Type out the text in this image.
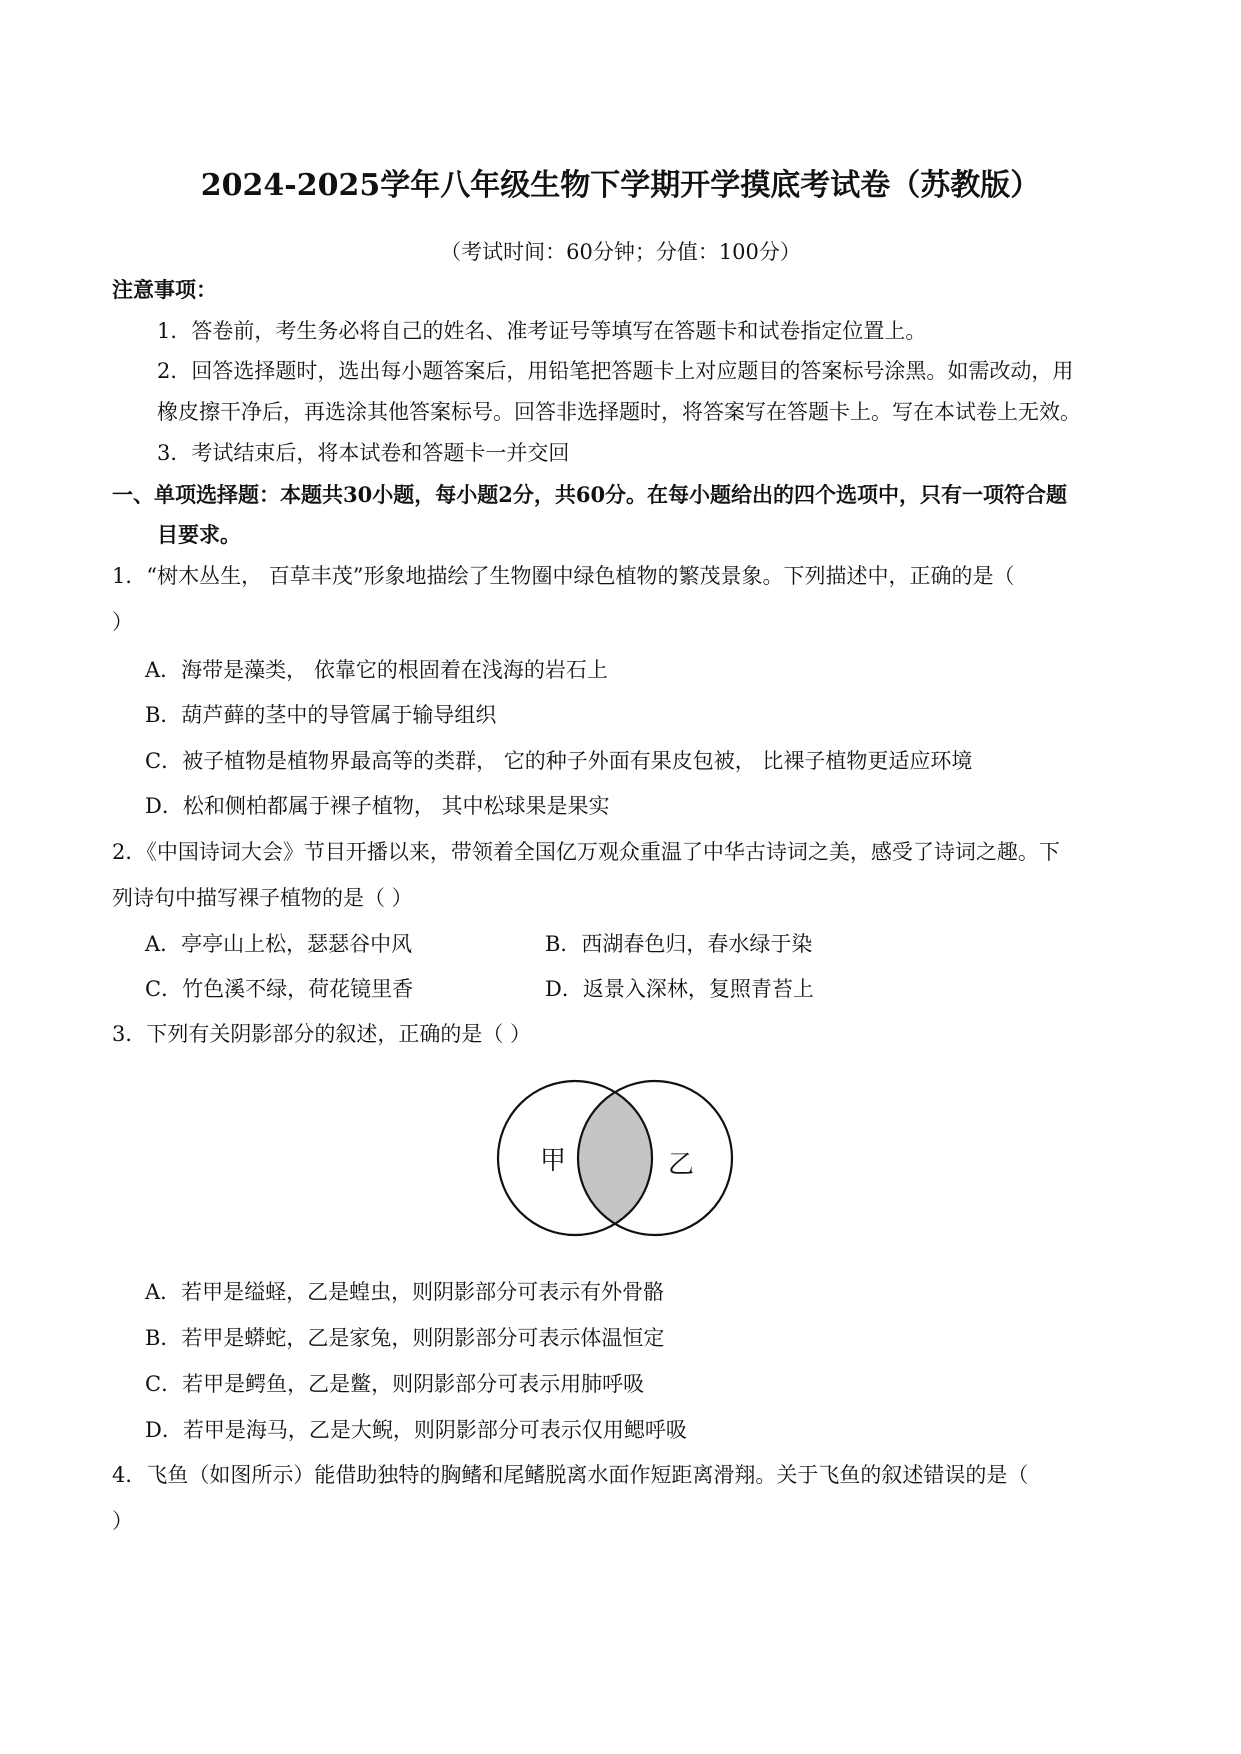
2024-2025学年八年级生物下学期开学摸底考试卷（苏教版）
（考试时间：60分钟；分值：100分）
注意事项：
1．答卷前，考生务必将自己的姓名、准考证号等填写在答题卡和试卷指定位置上。
2．回答选择题时，选出每小题答案后，用铅笔把答题卡上对应题目的答案标号涂黑。如需改动，用
橡皮擦干净后，再选涂其他答案标号。回答非选择题时，将答案写在答题卡上。写在本试卷上无效。
3．考试结束后，将本试卷和答题卡一并交回
一、单项选择题：本题共30小题，每小题2分，共60分。在每小题给出的四个选项中，只有一项符合题
目要求。
1．“树木丛生， 百草丰茂”形象地描绘了生物圈中绿色植物的繁茂景象。下列描述中，正确的是（
）
A．海带是藻类， 依靠它的根固着在浅海的岩石上
B．葫芦藓的茎中的导管属于输导组织
C．被子植物是植物界最高等的类群， 它的种子外面有果皮包被， 比裸子植物更适应环境
D．松和侧柏都属于裸子植物， 其中松球果是果实
2．《中国诗词大会》节目开播以来，带领着全国亿万观众重温了中华古诗词之美，感受了诗词之趣。下
列诗句中描写裸子植物的是（ ）
A．亭亭山上松，瑟瑟谷中风	B．西湖春色归，春水绿于染
C．竹色溪不绿，荷花镜里香	D．返景入深林，复照青苔上
3．下列有关阴影部分的叙述，正确的是（ ）
甲	乙
A．若甲是缢蛏，乙是蝗虫，则阴影部分可表示有外骨骼
B．若甲是蟒蛇，乙是家兔，则阴影部分可表示体温恒定
C．若甲是鳄鱼，乙是鳖，则阴影部分可表示用肺呼吸
D．若甲是海马，乙是大鲵，则阴影部分可表示仅用鳃呼吸
4．飞鱼（如图所示）能借助独特的胸鳍和尾鳍脱离水面作短距离滑翔。关于飞鱼的叙述错误的是（
）
